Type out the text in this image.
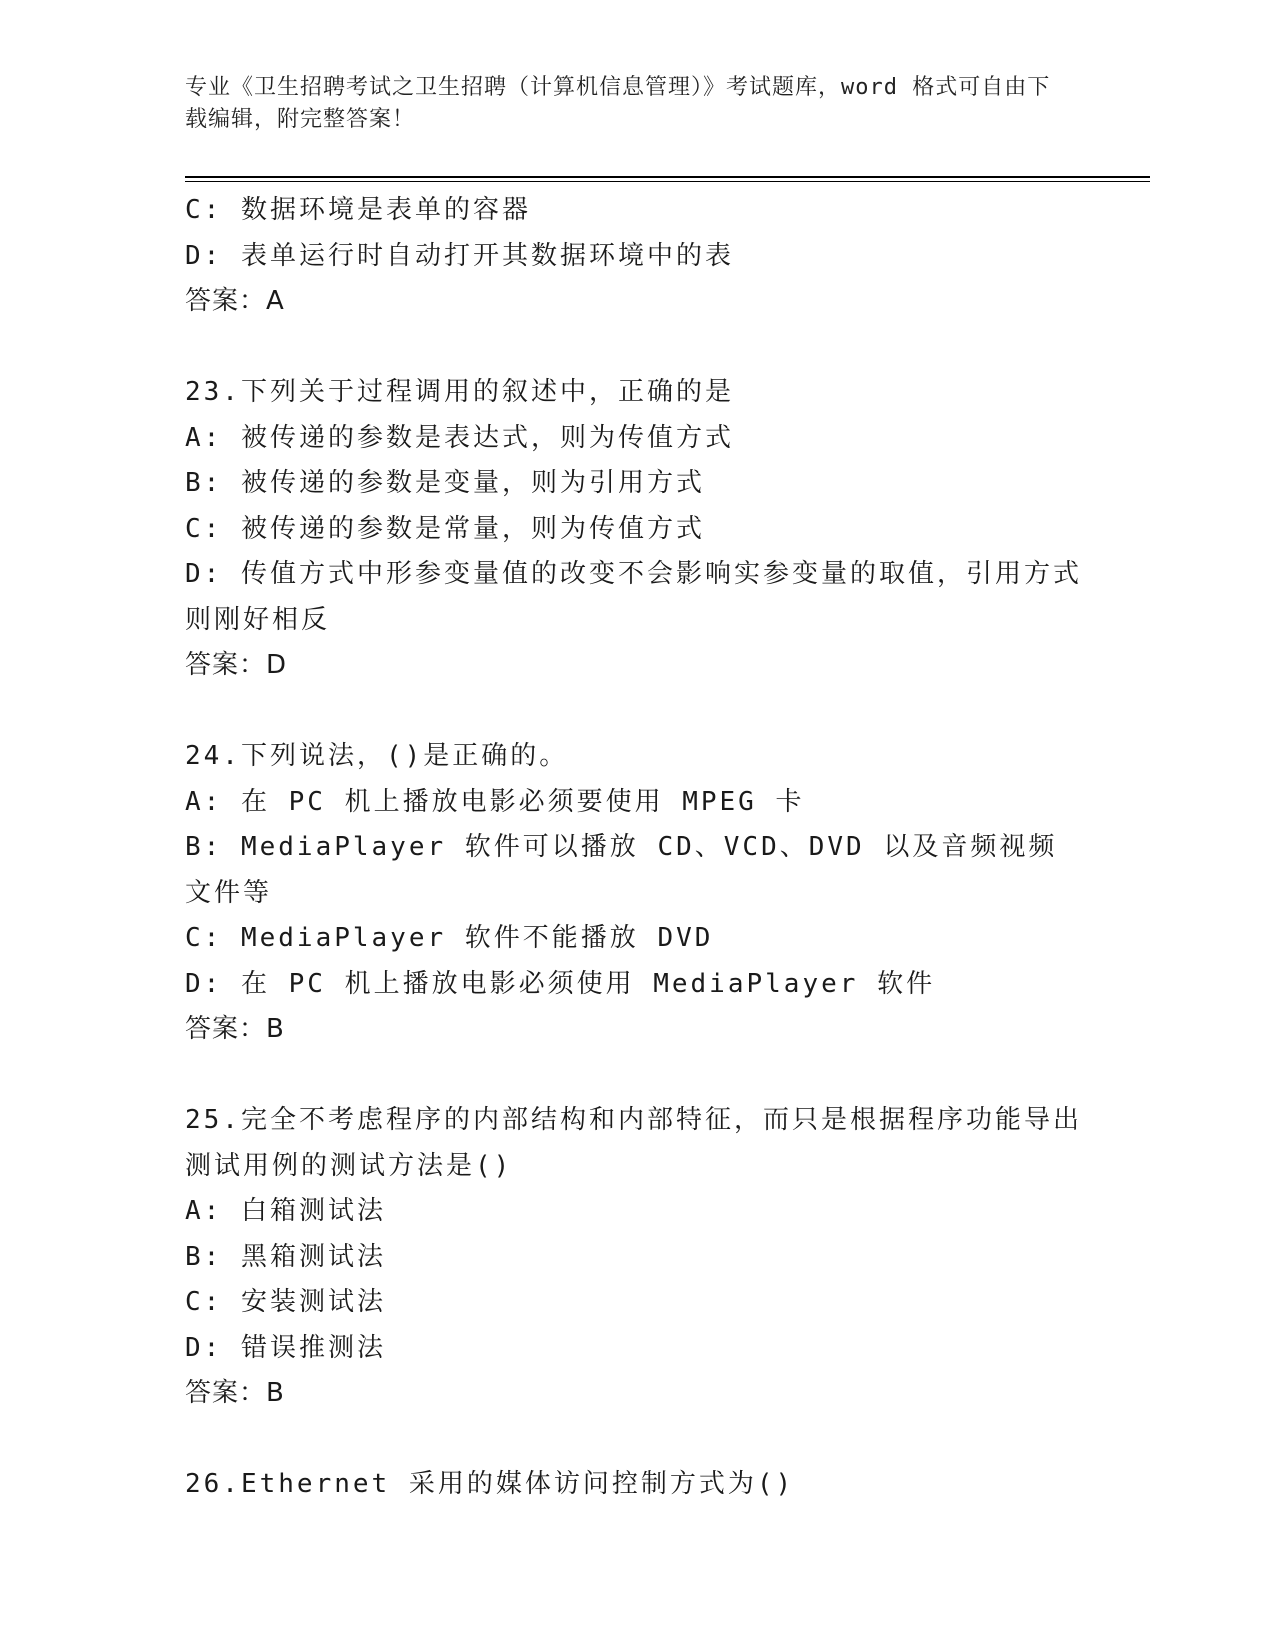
专业《卫生招聘考试之卫生招聘（计算机信息管理）》考试题库，word 格式可自由下载编辑，附完整答案！

C: 数据环境是表单的容器

D: 表单运行时自动打开其数据环境中的表

答案：A

23.下列关于过程调用的叙述中，正确的是

A: 被传递的参数是表达式，则为传值方式

B: 被传递的参数是变量，则为引用方式

C: 被传递的参数是常量，则为传值方式

D: 传值方式中形参变量值的改变不会影响实参变量的取值，引用方式则刚好相反

答案：D

24.下列说法，()是正确的。

A: 在 PC 机上播放电影必须要使用 MPEG 卡

B: MediaPlayer 软件可以播放 CD、VCD、DVD 以及音频视频文件等

C: MediaPlayer 软件不能播放 DVD

D: 在 PC 机上播放电影必须使用 MediaPlayer 软件

答案：B

25.完全不考虑程序的内部结构和内部特征，而只是根据程序功能导出测试用例的测试方法是()

A: 白箱测试法

B: 黑箱测试法

C: 安装测试法

D: 错误推测法

答案：B

26.Ethernet 采用的媒体访问控制方式为()
